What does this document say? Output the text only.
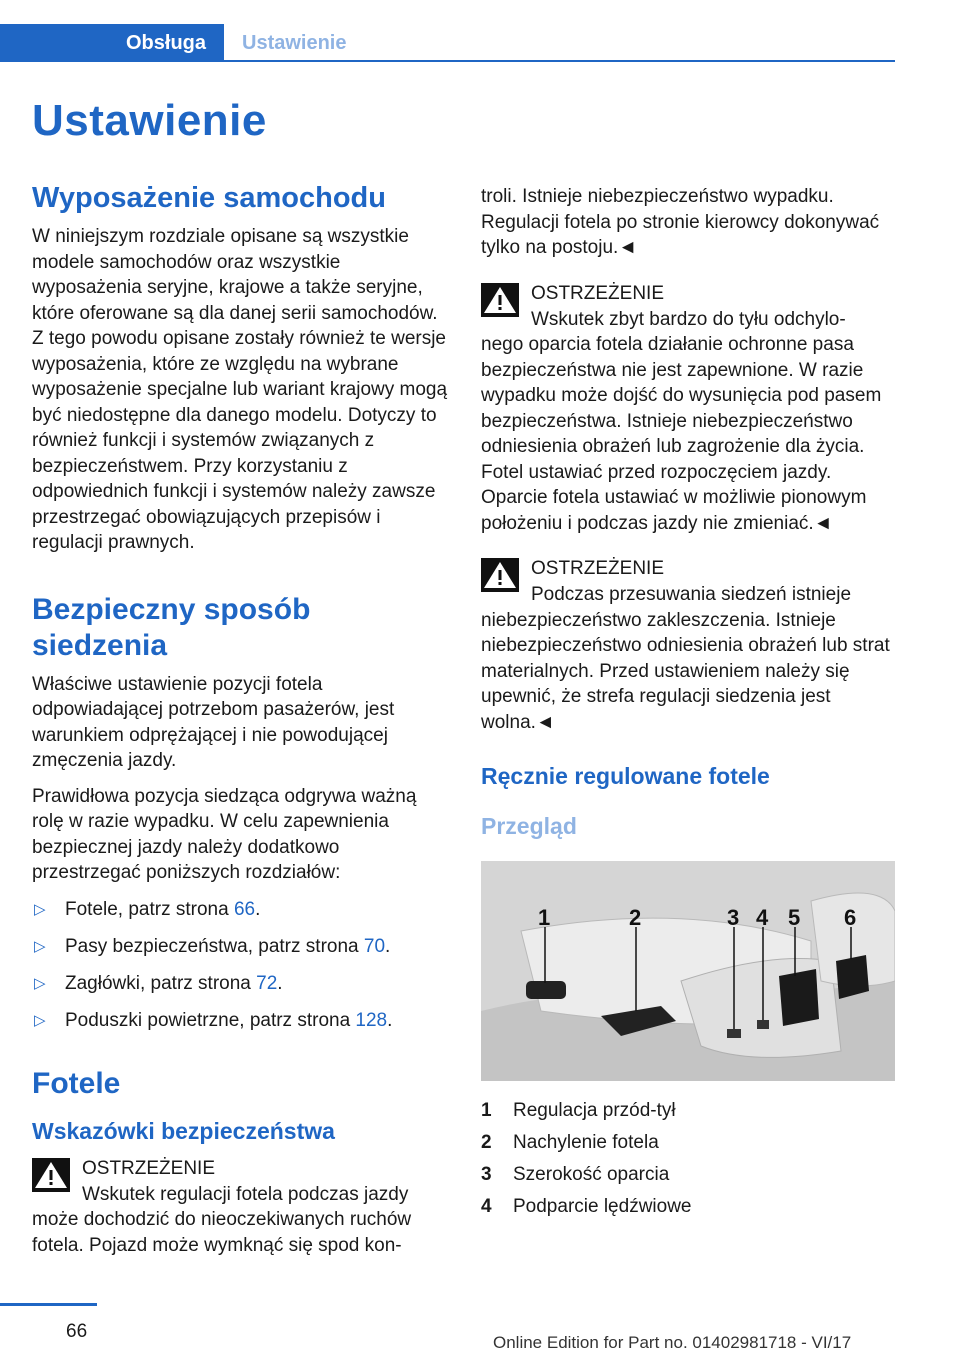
Obsługa	Ustawienie
Ustawienie
Wyposażenie samochodu

W niniejszym rozdziale opisane są wszystkie modele samochodów oraz wszystkie wyposażenia seryjne, krajowe a także seryjne, które oferowane są dla danej serii samochodów. Z tego powodu opisane zostały również te wersje wyposażenia, które ze względu na wybrane wyposażenie specjalne lub wariant krajowy mogą być niedostępne dla danego modelu. Dotyczy to również funkcji i systemów związanych z bezpieczeństwem. Przy korzystaniu z odpowiednich funkcji i systemów należy zawsze przestrzegać obowiązujących przepisów i regulacji prawnych.

Bezpieczny sposób siedzenia

Właściwe ustawienie pozycji fotela odpowiadającej potrzebom pasażerów, jest warunkiem odprężającej i nie powodującej zmęczenia jazdy.

Prawidłowa pozycja siedząca odgrywa ważną rolę w razie wypadku. W celu zapewnienia bezpiecznej jazdy należy dodatkowo przestrzegać poniższych rozdziałów:

▷ Fotele, patrz strona 66.
▷ Pasy bezpieczeństwa, patrz strona 70.
▷ Zagłówki, patrz strona 72.
▷ Poduszki powietrzne, patrz strona 128.
Fotele
Wskazówki bezpieczeństwa
OSTRZEŻENIE
Wskutek regulacji fotela podczas jazdy
może dochodzić do nieoczekiwanych ruchów fotela. Pojazd może wymknąć się spod kon-

troli. Istnieje niebezpieczeństwo wypadku. Regulacji fotela po stronie kierowcy dokonywać tylko na postoju.◄

OSTRZEŻENIE
Wskutek zbyt bardzo do tyłu odchylo-
nego oparcia fotela działanie ochronne pasa bezpieczeństwa nie jest zapewnione. W razie wypadku może dojść do wysunięcia pod pasem bezpieczeństwa. Istnieje niebezpieczeństwo odniesienia obrażeń lub zagrożenie dla życia. Fotel ustawiać przed rozpoczęciem jazdy. Oparcie fotela ustawiać w możliwie pionowym położeniu i podczas jazdy nie zmieniać.◄
OSTRZEŻENIE
Podczas przesuwania siedzeń istnieje
niebezpieczeństwo zakleszczenia. Istnieje niebezpieczeństwo odniesienia obrażeń lub strat materialnych. Przed ustawieniem należy się upewnić, że strefa regulacji siedzenia jest wolna.◄
Ręcznie regulowane fotele
Przegląd
1	2	3 4 5 6
1	Regulacja przód-tył
2	Nachylenie fotela
3	Szerokość oparcia
4	Podparcie lędźwiowe
66
Online Edition for Part no. 01402981718 - VI/17
